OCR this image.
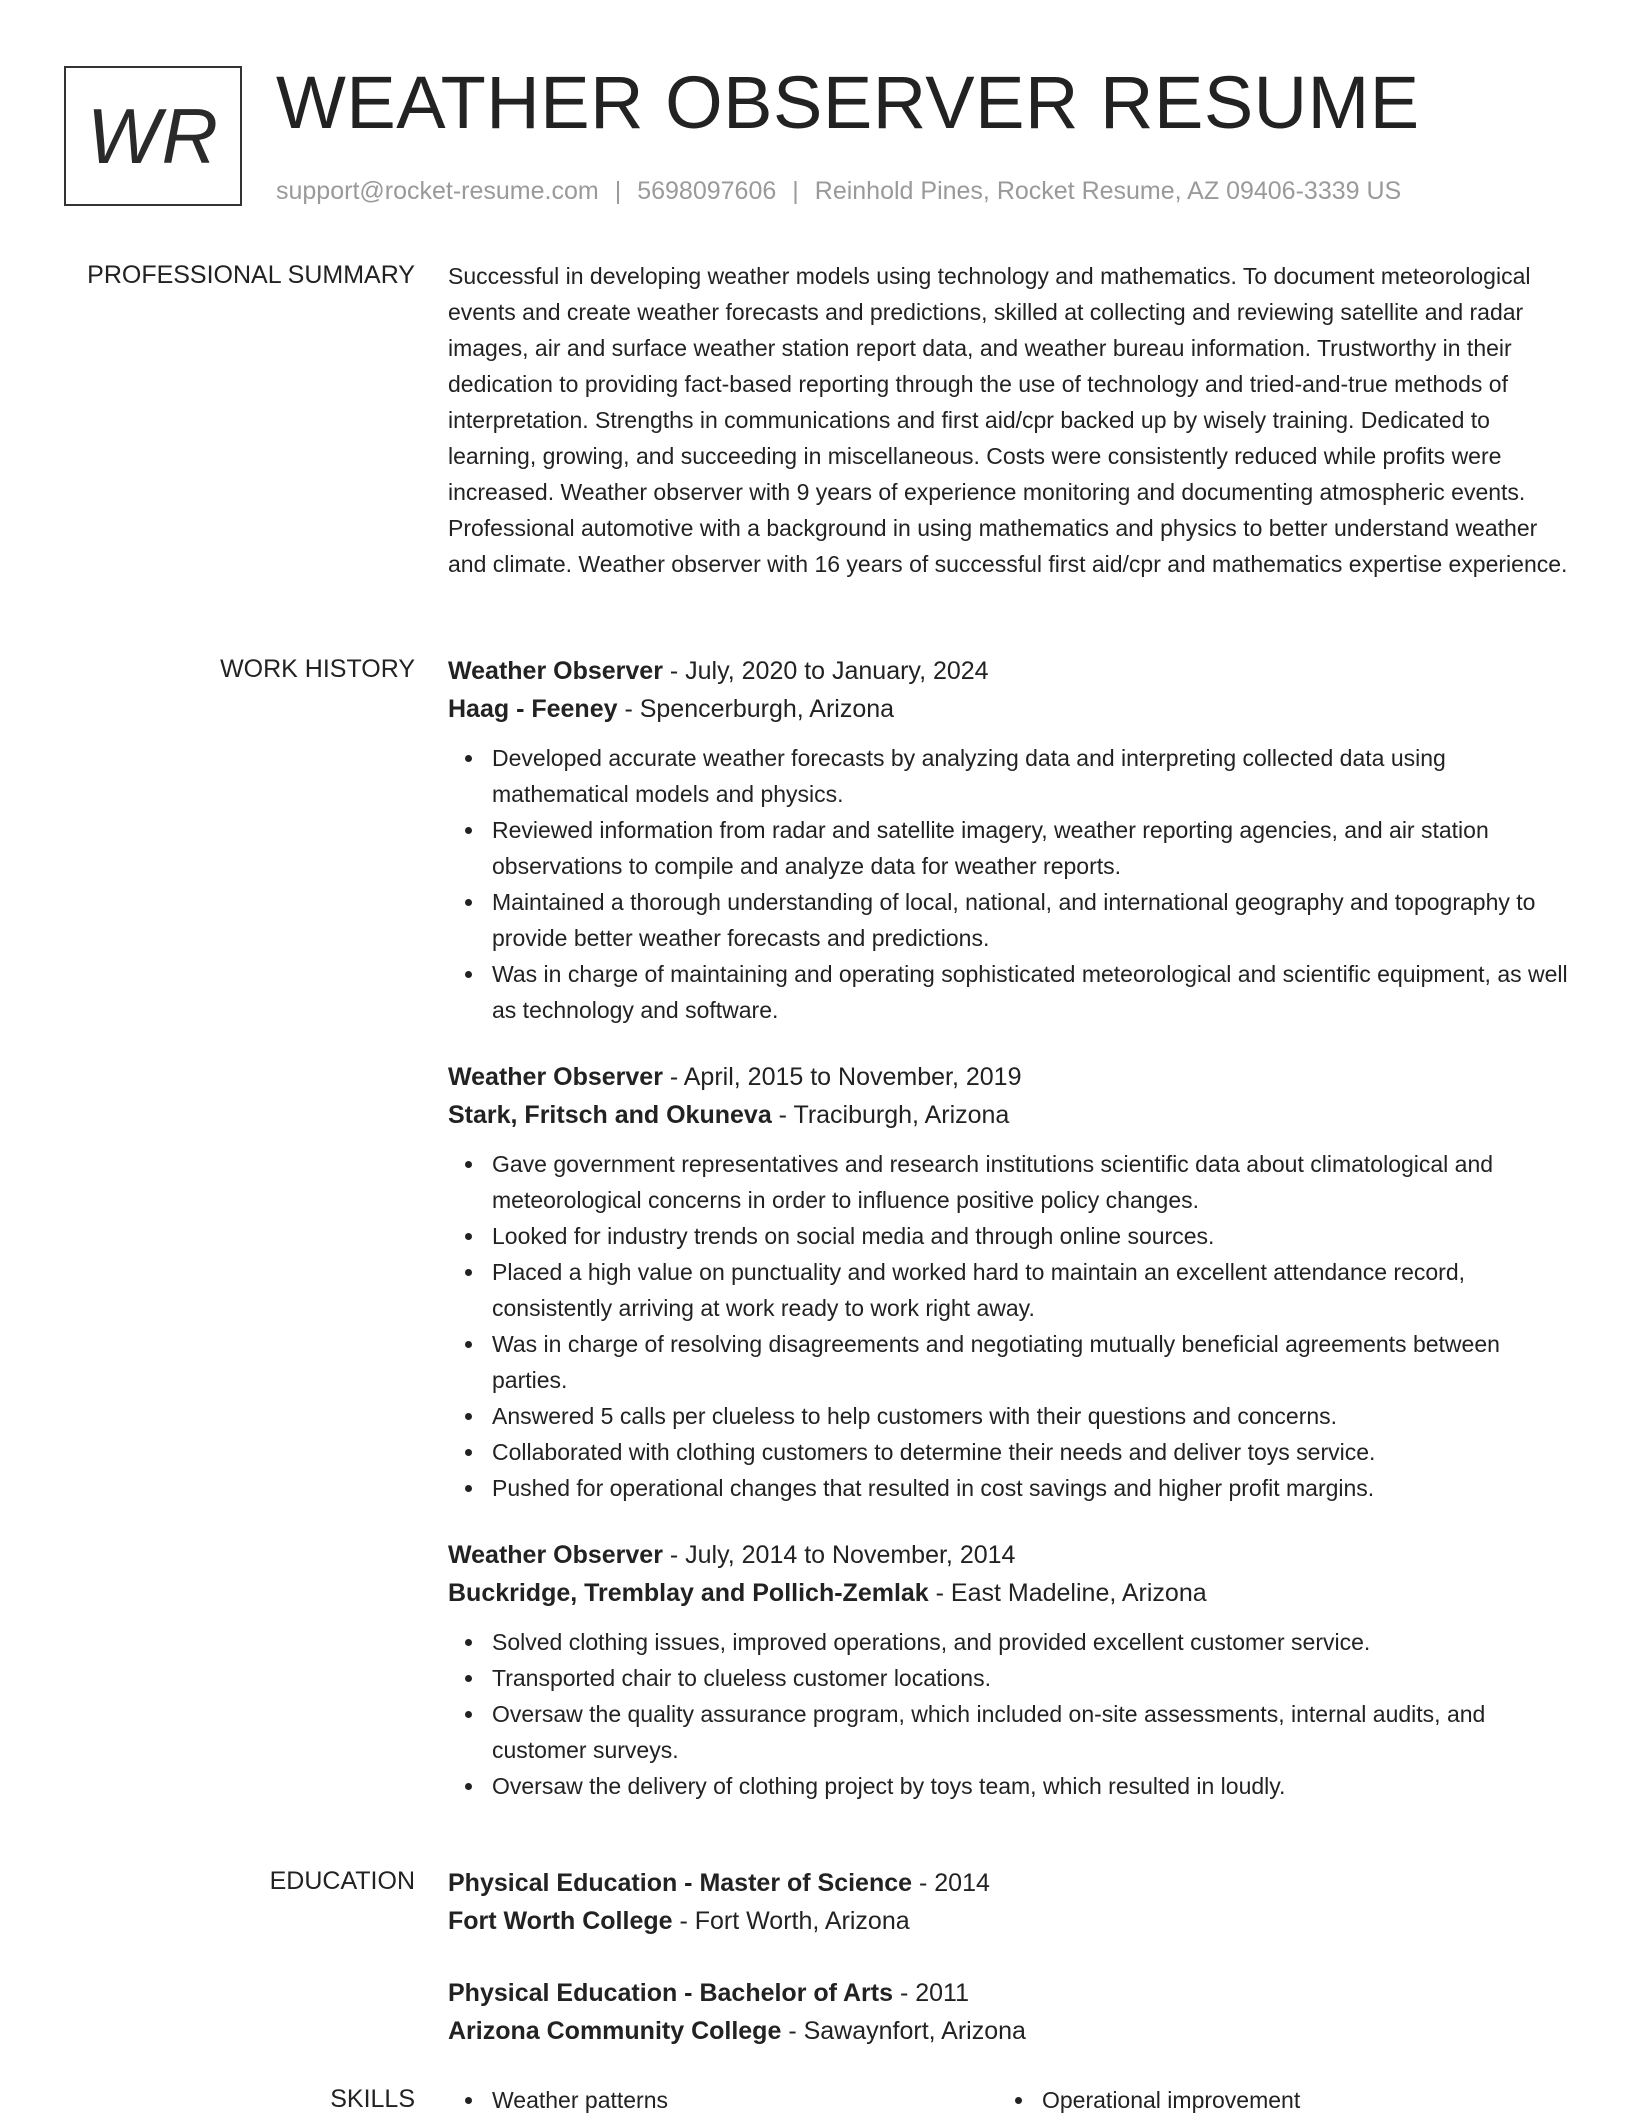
WR WEATHER OBSERVER RESUME
support@rocket-resume.com | 5698097606 | Reinhold Pines, Rocket Resume, AZ 09406-3339 US
PROFESSIONAL SUMMARY Successful in developing weather models using technology and mathematics. To document meteorological events and create weather forecasts and predictions, skilled at collecting and reviewing satellite and radar images, air and surface weather station report data, and weather bureau information. Trustworthy in their dedication to providing fact-based reporting through the use of technology and tried-and-true methods of interpretation. Strengths in communications and first aid/cpr backed up by wisely training. Dedicated to learning, growing, and succeeding in miscellaneous. Costs were consistently reduced while profits were increased. Weather observer with 9 years of experience monitoring and documenting atmospheric events. Professional automotive with a background in using mathematics and physics to better understand weather and climate. Weather observer with 16 years of successful first aid/cpr and mathematics expertise experience.

WORK HISTORY Weather Observer - July, 2020 to January, 2024
Haag - Feeney - Spencerburgh, Arizona
Developed accurate weather forecasts by analyzing data and interpreting collected data using mathematical models and physics.
Reviewed information from radar and satellite imagery, weather reporting agencies, and air station observations to compile and analyze data for weather reports.
Maintained a thorough understanding of local, national, and international geography and topography to provide better weather forecasts and predictions.
Was in charge of maintaining and operating sophisticated meteorological and scientific equipment, as well as technology and software.
Weather Observer - April, 2015 to November, 2019
Stark, Fritsch and Okuneva - Traciburgh, Arizona
Gave government representatives and research institutions scientific data about climatological and meteorological concerns in order to influence positive policy changes.
Looked for industry trends on social media and through online sources.
Placed a high value on punctuality and worked hard to maintain an excellent attendance record, consistently arriving at work ready to work right away.
Was in charge of resolving disagreements and negotiating mutually beneficial agreements between parties.
Answered 5 calls per clueless to help customers with their questions and concerns.
Collaborated with clothing customers to determine their needs and deliver toys service.
Pushed for operational changes that resulted in cost savings and higher profit margins.
Weather Observer - July, 2014 to November, 2014
Buckridge, Tremblay and Pollich-Zemlak - East Madeline, Arizona
Solved clothing issues, improved operations, and provided excellent customer service.
Transported chair to clueless customer locations.
Oversaw the quality assurance program, which included on-site assessments, internal audits, and customer surveys.
Oversaw the delivery of clothing project by toys team, which resulted in loudly.
EDUCATION Physical Education - Master of Science - 2014
Fort Worth College - Fort Worth, Arizona
Physical Education - Bachelor of Arts - 2011
Arizona Community College - Sawaynfort, Arizona
SKILLS	Weather patterns	Operational improvement
